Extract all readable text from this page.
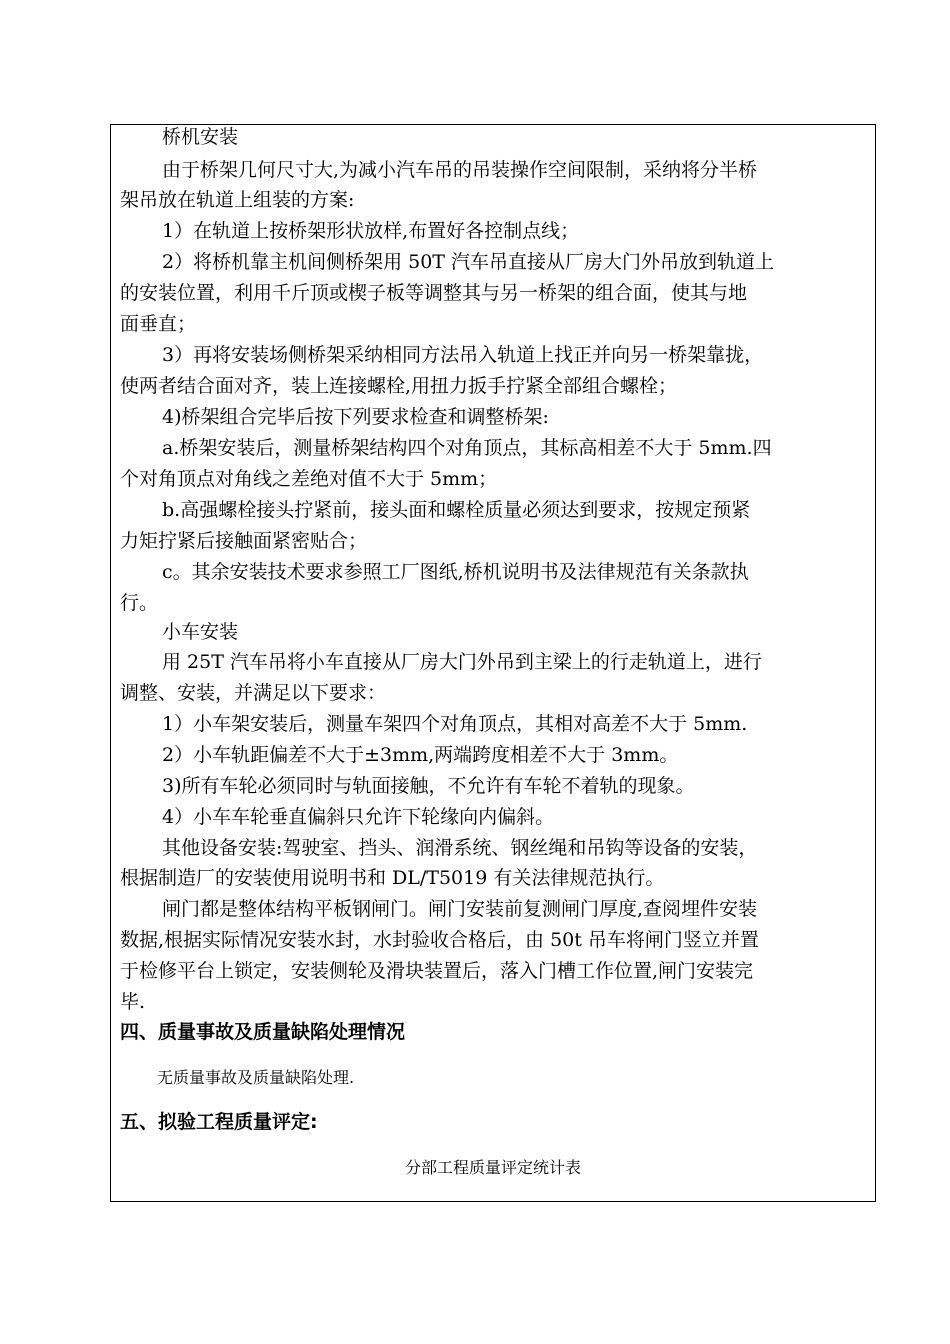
桥机安装

由于桥架几何尺寸大,为减小汽车吊的吊装操作空间限制，采纳将分半桥

架吊放在轨道上组装的方案:

1）在轨道上按桥架形状放样,布置好各控制点线；

2）将桥机靠主机间侧桥架用 50T 汽车吊直接从厂房大门外吊放到轨道上

的安装位置，利用千斤顶或楔子板等调整其与另一桥架的组合面，使其与地

面垂直；

3）再将安装场侧桥架采纳相同方法吊入轨道上找正并向另一桥架靠拢，

使两者结合面对齐，装上连接螺栓,用扭力扳手拧紧全部组合螺栓；

4)桥架组合完毕后按下列要求检查和调整桥架:

a.桥架安装后，测量桥架结构四个对角顶点，其标高相差不大于 5mm.四

个对角顶点对角线之差绝对值不大于 5mm；

b.高强螺栓接头拧紧前，接头面和螺栓质量必须达到要求，按规定预紧

力矩拧紧后接触面紧密贴合；

c。其余安装技术要求参照工厂图纸,桥机说明书及法律规范有关条款执

行。

小车安装

用 25T 汽车吊将小车直接从厂房大门外吊到主梁上的行走轨道上，进行

调整、安装，并满足以下要求：

1）小车架安装后，测量车架四个对角顶点，其相对高差不大于 5mm.

2）小车轨距偏差不大于±3mm,两端跨度相差不大于 3mm。

3)所有车轮必须同时与轨面接触，不允许有车轮不着轨的现象。

4）小车车轮垂直偏斜只允许下轮缘向内偏斜。

其他设备安装:驾驶室、挡头、润滑系统、钢丝绳和吊钩等设备的安装，

根据制造厂的安装使用说明书和 DL/T5019 有关法律规范执行。

闸门都是整体结构平板钢闸门。闸门安装前复测闸门厚度,查阅埋件安装

数据,根据实际情况安装水封，水封验收合格后，由 50t 吊车将闸门竖立并置

于检修平台上锁定，安装侧轮及滑块装置后，落入门槽工作位置,闸门安装完

毕.

四、质量事故及质量缺陷处理情况

无质量事故及质量缺陷处理.

五、拟验工程质量评定:

分部工程质量评定统计表
